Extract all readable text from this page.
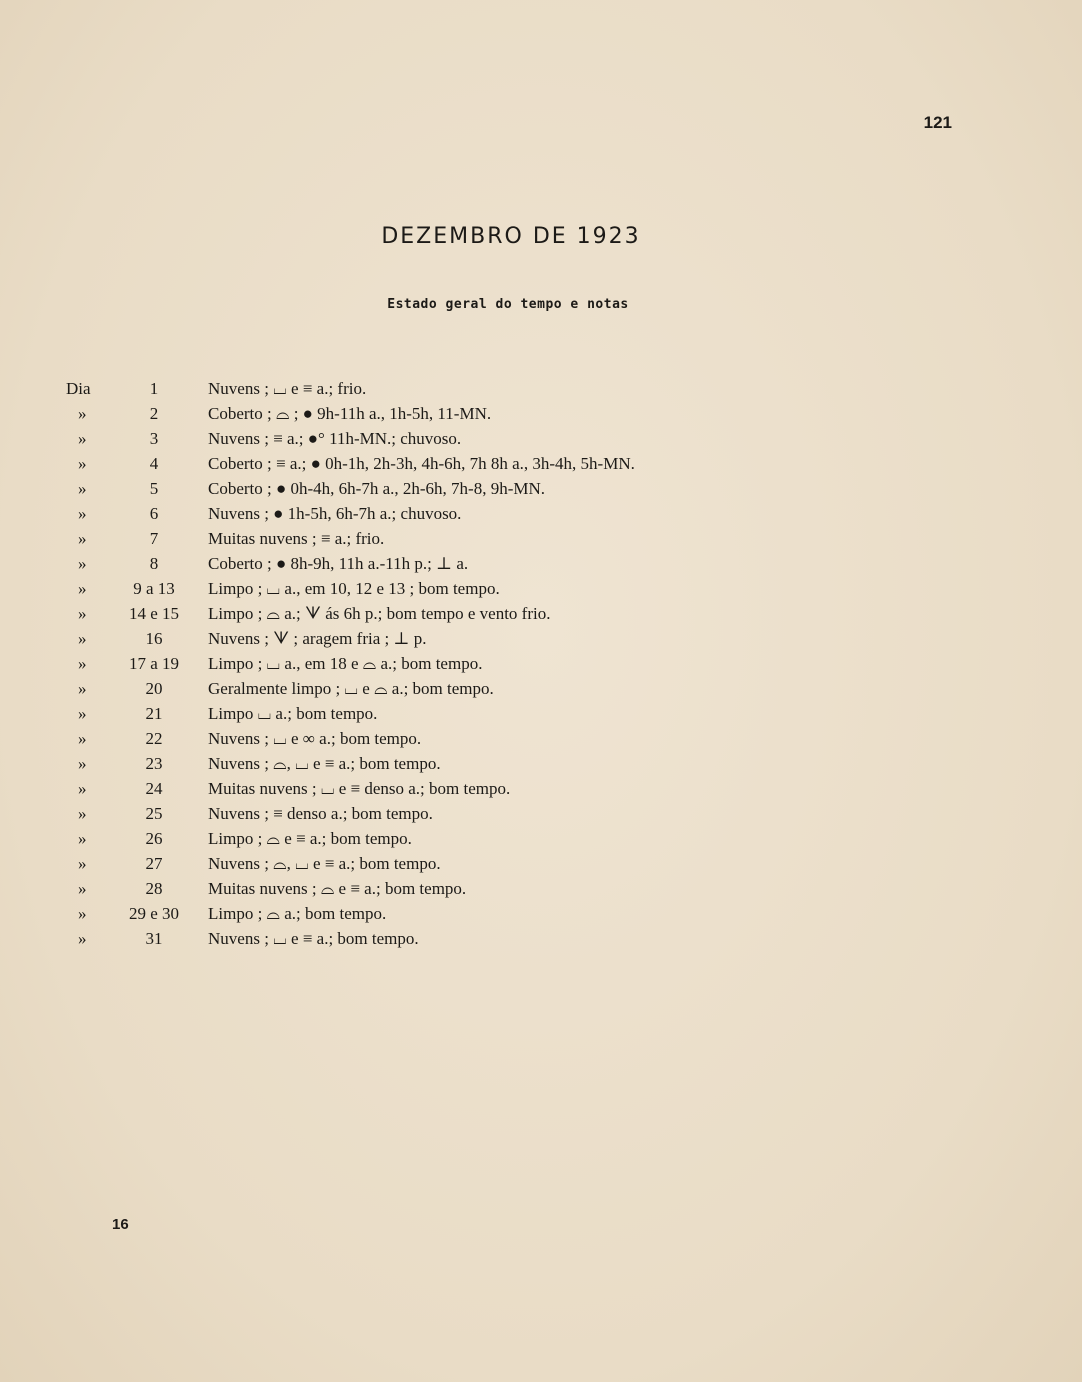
121
DEZEMBRO DE 1923
Estado geral do tempo e notas
Dia	1	Nuvens ; ⌴ e ≡ a.; frio.
»	2	Coberto ; ⌓ ; ● 9h-11h a., 1h-5h, 11-MN.
»	3	Nuvens ; ≡ a.; ●° 11h-MN.; chuvoso.
»	4	Coberto ; ≡ a.; ● 0h-1h, 2h-3h, 4h-6h, 7h 8h a., 3h-4h, 5h-MN.
»	5	Coberto ; ● 0h-4h, 6h-7h a., 2h-6h, 7h-8, 9h-MN.
»	6	Nuvens ; ● 1h-5h, 6h-7h a.; chuvoso.
»	7	Muitas nuvens ; ≡ a.; frio.
»	8	Coberto ; ● 8h-9h, 11h a.-11h p.; ⊥ a.
»	9 a 13	Limpo ; ⌴ a., em 10, 12 e 13 ; bom tempo.
»	14 e 15	Limpo ; ⌓ a.; ᗐ ás 6h p.; bom tempo e vento frio.
»	16	Nuvens ; ᗐ ; aragem fria ; ⊥ p.
»	17 a 19	Limpo ; ⌴ a., em 18 e ⌓ a.; bom tempo.
»	20	Geralmente limpo ; ⌴ e ⌓ a.; bom tempo.
»	21	Limpo ⌴ a.; bom tempo.
»	22	Nuvens ; ⌴ e ∞ a.; bom tempo.
»	23	Nuvens ; ⌓, ⌴ e ≡ a.; bom tempo.
»	24	Muitas nuvens ; ⌴ e ≡ denso a.; bom tempo.
»	25	Nuvens ; ≡ denso a.; bom tempo.
»	26	Limpo ; ⌓ e ≡ a.; bom tempo.
»	27	Nuvens ; ⌓, ⌴ e ≡ a.; bom tempo.
»	28	Muitas nuvens ; ⌓ e ≡ a.; bom tempo.
»	29 e 30	Limpo ; ⌓ a.; bom tempo.
»	31	Nuvens ; ⌴ e ≡ a.; bom tempo.
16
